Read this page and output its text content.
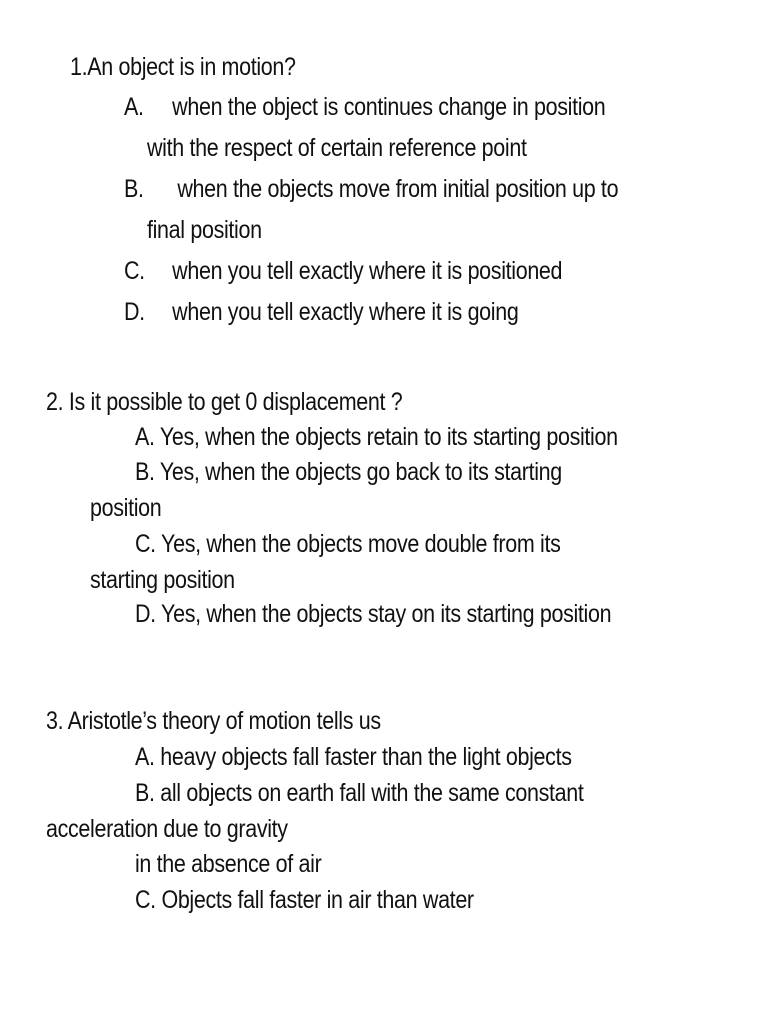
1.An object is in motion?
A. when the object is continues change in position
with the respect of certain reference point
B. when the objects move from initial position up to
final position
C. when you tell exactly where it is positioned
D. when you tell exactly where it is going
2. Is it possible to get 0 displacement ?
A. Yes, when the objects retain to its starting position
B. Yes, when the objects go back to its starting
position
C. Yes, when the objects move double from its
starting position
D. Yes, when the objects stay on its starting position
3. Aristotle’s theory of motion tells us
A. heavy objects fall faster than the light objects
B. all objects on earth fall with the same constant
acceleration due to gravity
in the absence of air
C. Objects fall faster in air than water
